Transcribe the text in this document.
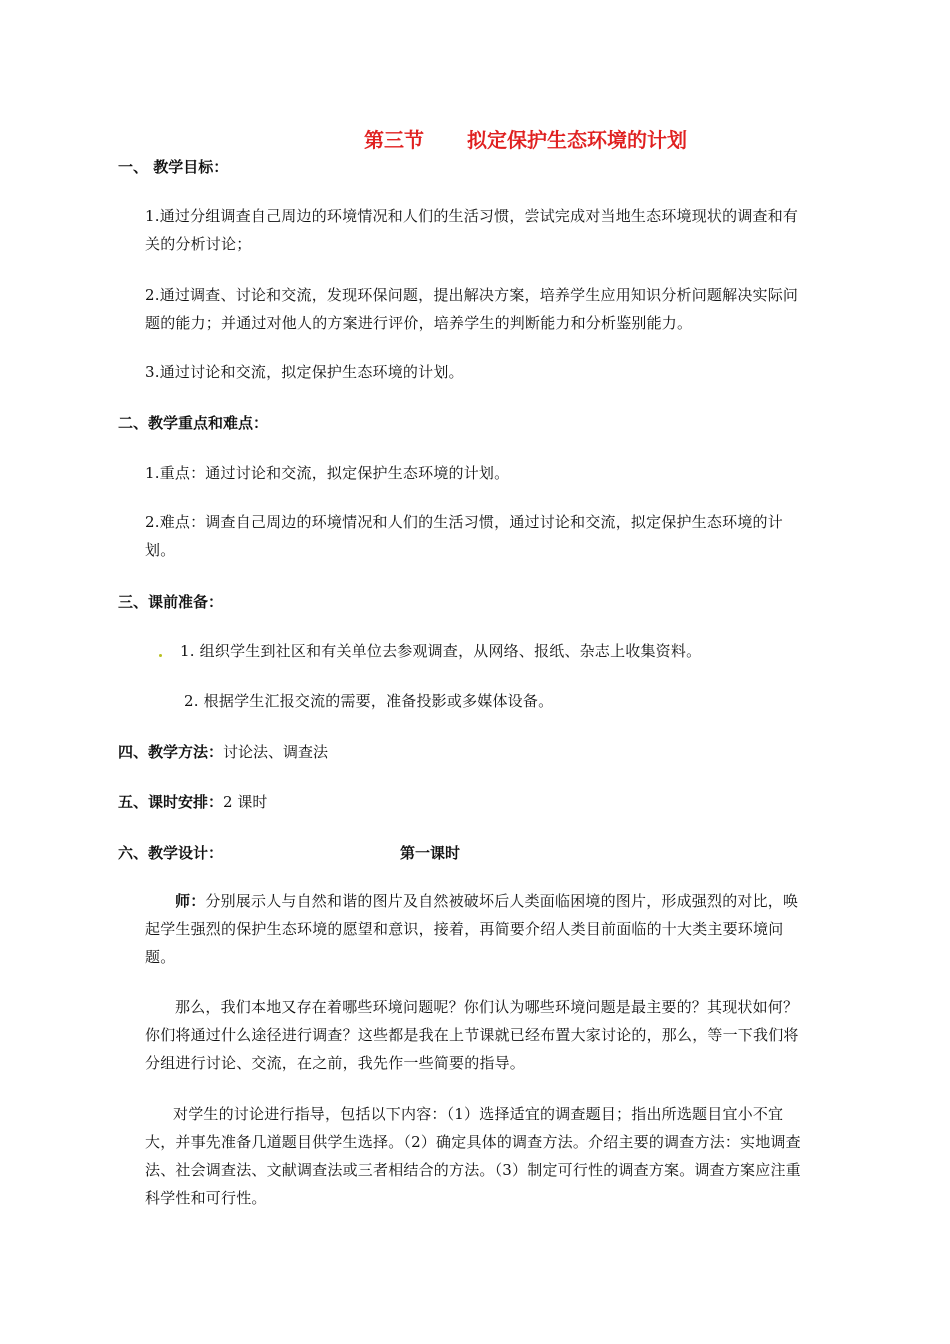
第三节 拟定保护生态环境的计划
一、 教学目标：
1.通过分组调查自己周边的环境情况和人们的生活习惯，尝试完成对当地生态环境现状的调查和有关的分析讨论；
2.通过调查、讨论和交流，发现环保问题，提出解决方案，培养学生应用知识分析问题解决实际问题的能力；并通过对他人的方案进行评价，培养学生的判断能力和分析鉴别能力。
3.通过讨论和交流，拟定保护生态环境的计划。
二、教学重点和难点：
1.重点：通过讨论和交流，拟定保护生态环境的计划。
2.难点：调查自己周边的环境情况和人们的生活习惯，通过讨论和交流，拟定保护生态环境的计划。
三、课前准备：
1. 组织学生到社区和有关单位去参观调查，从网络、报纸、杂志上收集资料。
2. 根据学生汇报交流的需要，准备投影或多媒体设备。
四、教学方法：讨论法、调查法
五、课时安排：2 课时
六、教学设计：	第一课时
师：分别展示人与自然和谐的图片及自然被破坏后人类面临困境的图片，形成强烈的对比，唤起学生强烈的保护生态环境的愿望和意识，接着，再简要介绍人类目前面临的十大类主要环境问题。
那么，我们本地又存在着哪些环境问题呢？你们认为哪些环境问题是最主要的？其现状如何？你们将通过什么途径进行调查？这些都是我在上节课就已经布置大家讨论的，那么，等一下我们将分组进行讨论、交流，在之前，我先作一些简要的指导。
对学生的讨论进行指导，包括以下内容：（1）选择适宜的调查题目；指出所选题目宜小不宜大，并事先准备几道题目供学生选择。（2）确定具体的调查方法。介绍主要的调查方法：实地调查法、社会调查法、文献调查法或三者相结合的方法。（3）制定可行性的调查方案。调查方案应注重科学性和可行性。
